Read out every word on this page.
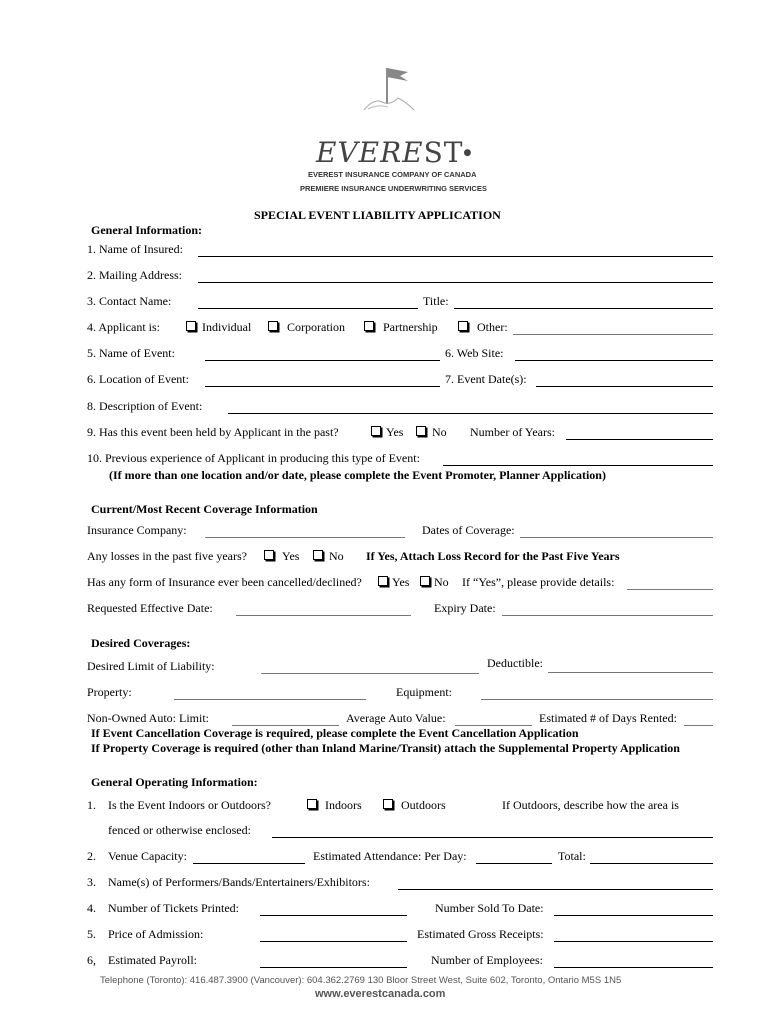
EVEREST●
EVEREST INSURANCE COMPANY OF CANADA
PREMIERE INSURANCE UNDERWRITING SERVICES
SPECIAL EVENT LIABILITY APPLICATION
General Information:
1. Name of Insured:
2. Mailing Address:
3. Contact Name:	Title:
4. Applicant is:	Individual	Corporation	Partnership	Other:
5. Name of Event:	6. Web Site:
6. Location of Event:	7. Event Date(s):
8. Description of Event:
9. Has this event been held by Applicant in the past?	Yes No Number of Years:
10. Previous experience of Applicant in producing this type of Event:
(If more than one location and/or date, please complete the Event Promoter, Planner Application)
Current/Most Recent Coverage Information
Insurance Company:	Dates of Coverage:
Any losses in the past five years?	Yes No If Yes, Attach Loss Record for the Past Five Years
Has any form of Insurance ever been cancelled/declined?	Yes No If “Yes”, please provide details:
Requested Effective Date:	Expiry Date:
Desired Coverages:
Desired Limit of Liability:	Deductible:
Property:	Equipment:
Non-Owned Auto: Limit:	Average Auto Value:	Estimated # of Days Rented:
If Event Cancellation Coverage is required, please complete the Event Cancellation Application
If Property Coverage is required (other than Inland Marine/Transit) attach the Supplemental Property Application
General Operating Information:
1. Is the Event Indoors or Outdoors?	Indoors	Outdoors	If Outdoors, describe how the area is
fenced or otherwise enclosed:
2. Venue Capacity:	Estimated Attendance: Per Day:	Total:
3. Name(s) of Performers/Bands/Entertainers/Exhibitors:
4. Number of Tickets Printed:	Number Sold To Date:
5. Price of Admission:	Estimated Gross Receipts:
6, Estimated Payroll:	Number of Employees:
Telephone (Toronto): 416.487.3900 (Vancouver): 604.362.2769 130 Bloor Street West, Suite 602, Toronto, Ontario M5S 1N5
www.everestcanada.com
